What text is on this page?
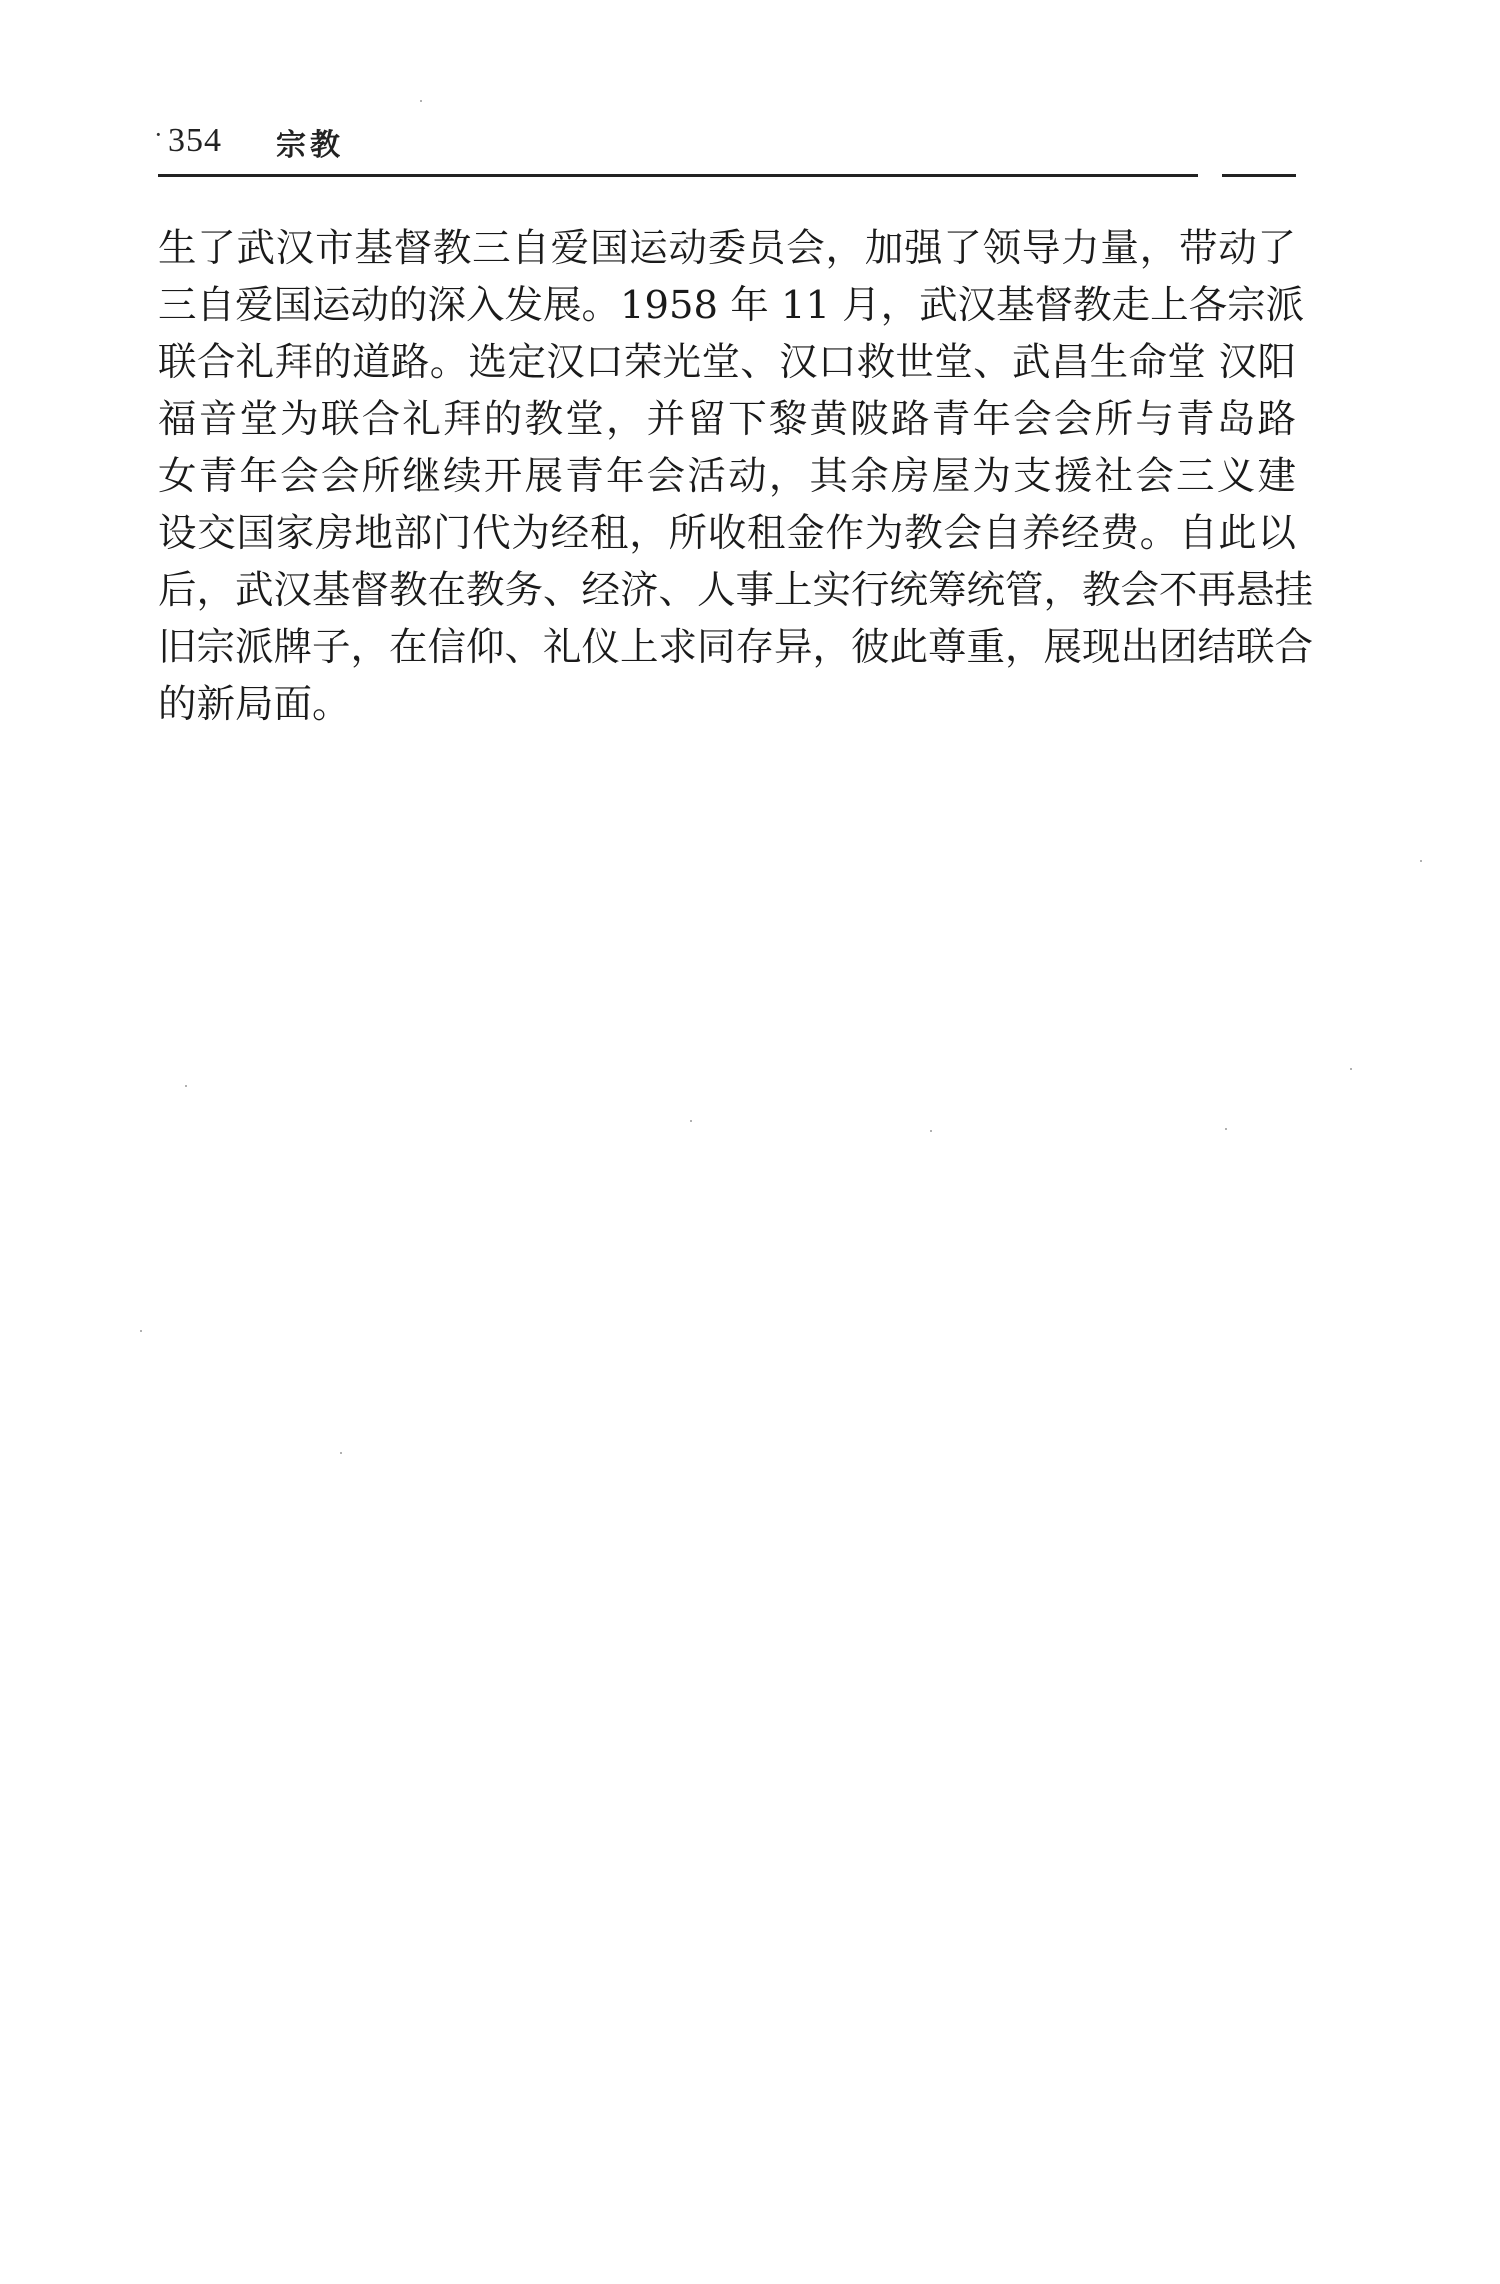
· 354 宗教
生了武汉市基督教三自爱国运动委员会，加强了领导力量，带动了
三自爱国运动的深入发展。1958 年 11 月，武汉基督教走上各宗派
联合礼拜的道路。选定汉口荣光堂、汉口救世堂、武昌生命堂 汉阳
福音堂为联合礼拜的教堂，并留下黎黄陂路青年会会所与青岛路
女青年会会所继续开展青年会活动，其余房屋为支援社会三义建
设交国家房地部门代为经租，所收租金作为教会自养经费。自此以
后，武汉基督教在教务、经济、人事上实行统筹统管，教会不再悬挂
旧宗派牌子，在信仰、礼仪上求同存异，彼此尊重，展现出团结联合
的新局面。
